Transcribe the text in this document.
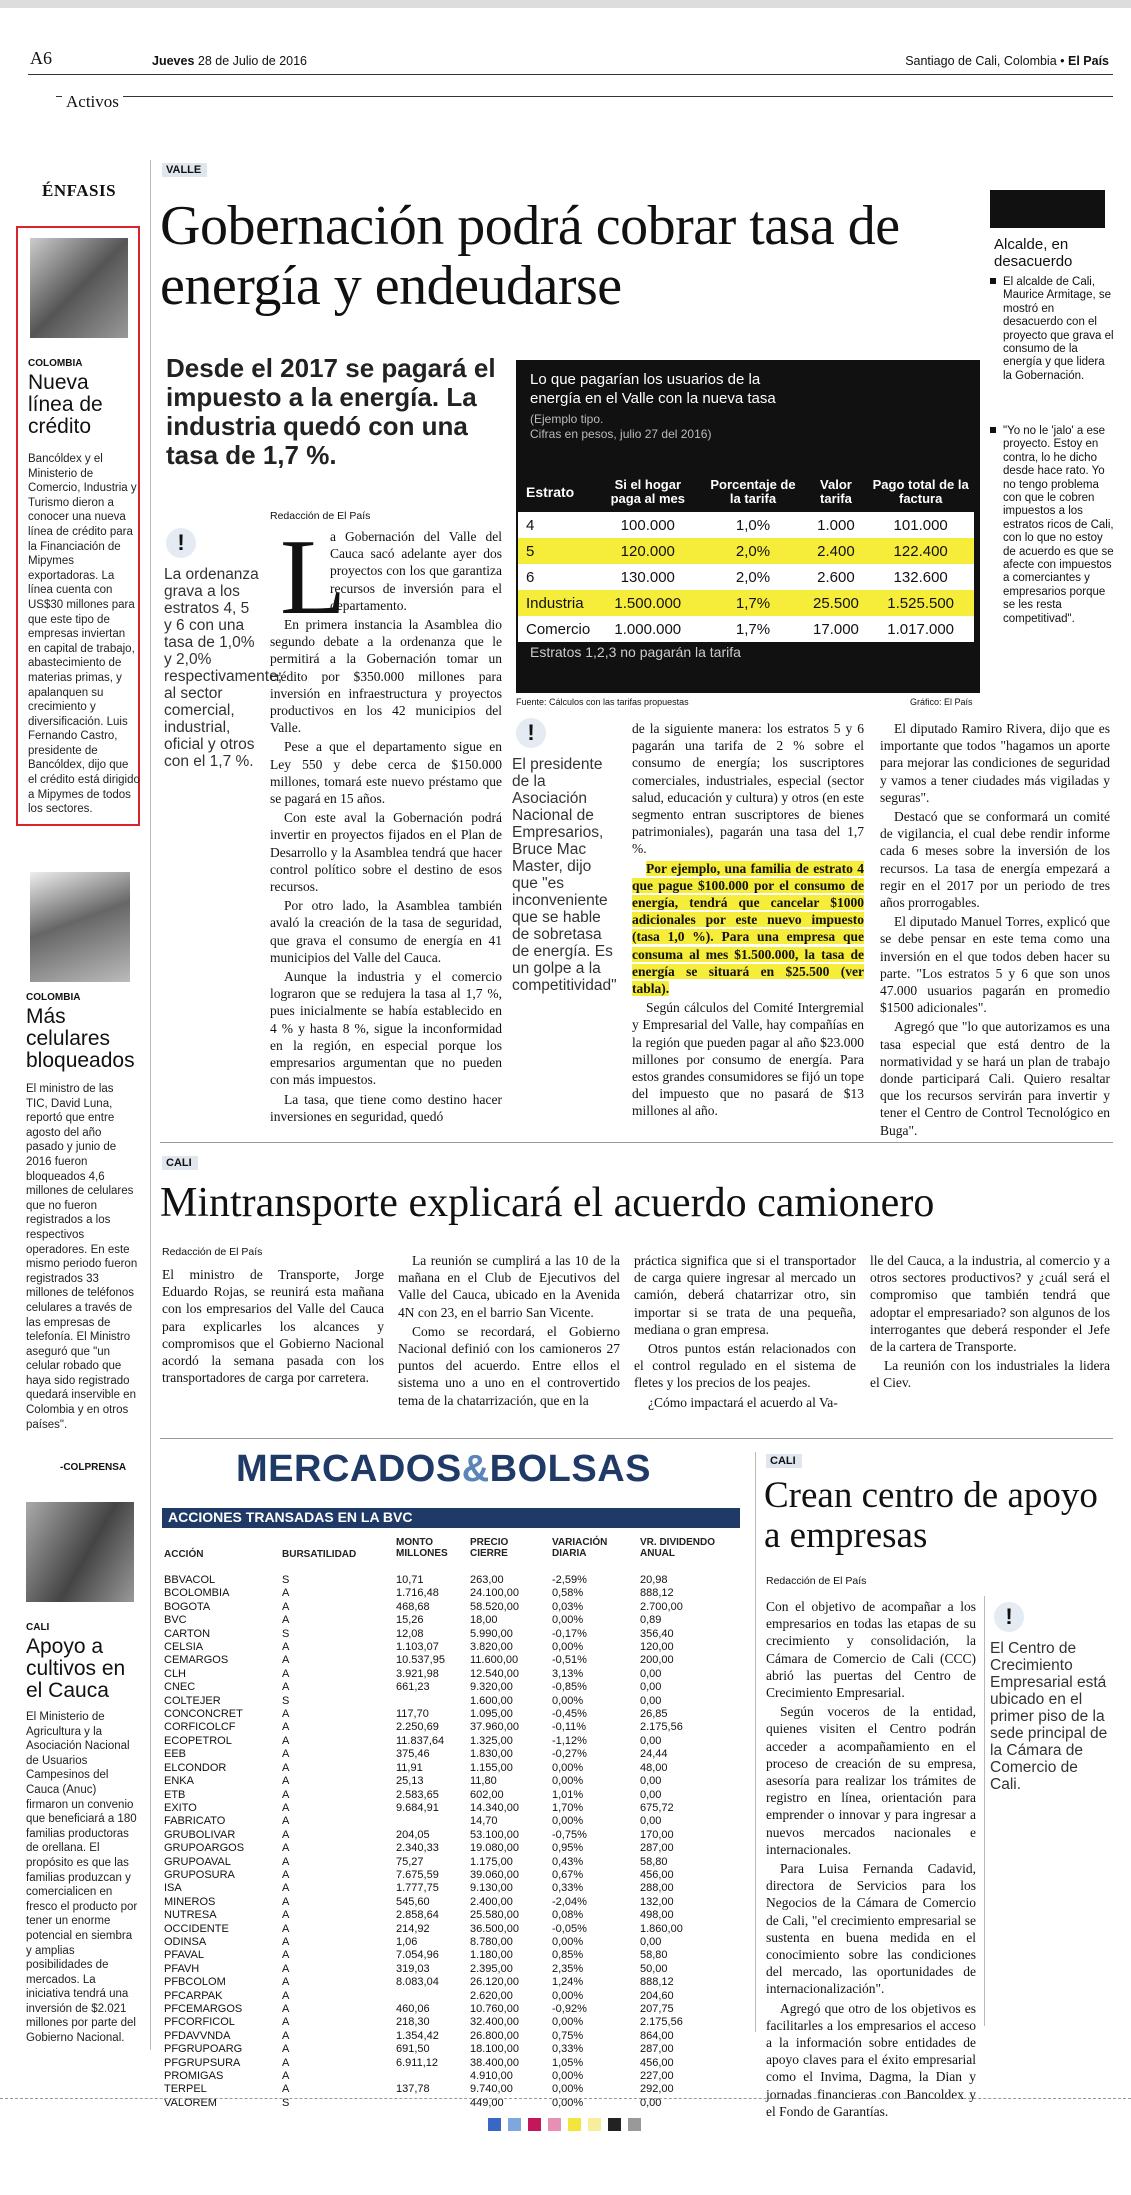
A6	Jueves 28 de Julio de 2016	Santiago de Cali, Colombia • El País
Activos
ÉNFASIS
COLOMBIA
Nueva línea de crédito
Bancóldex y el Ministerio de Comercio, Industria y Turismo dieron a conocer una nueva línea de crédito para la Financiación de Mipymes exportadoras. La línea cuenta con US$30 millones para que este tipo de empresas inviertan en capital de trabajo, abastecimiento de materias primas, y apalanquen su crecimiento y diversificación. Luis Fernando Castro, presidente de Bancóldex, dijo que el crédito está dirigido a Mipymes de todos los sectores.
COLOMBIA
Más celulares bloqueados
El ministro de las TIC, David Luna, reportó que entre agosto del año pasado y junio de 2016 fueron bloqueados 4,6 millones de celulares que no fueron registrados a los respectivos operadores. En este mismo periodo fueron registrados 33 millones de teléfonos celulares a través de las empresas de telefonía. El Ministro aseguró que "un celular robado que haya sido registrado quedará inservible en Colombia y en otros países".
-COLPRENSA
CALI
Apoyo a cultivos en el Cauca
El Ministerio de Agricultura y la Asociación Nacional de Usuarios Campesinos del Cauca (Anuc) firmaron un convenio que beneficiará a 180 familias productoras de orellana. El propósito es que las familias produzcan y comercialicen en fresco el producto por tener un enorme potencial en siembra y amplias posibilidades de mercados. La iniciativa tendrá una inversión de $2.021 millones por parte del Gobierno Nacional.
VALLE
Gobernación podrá cobrar tasa de energía y endeudarse
Desde el 2017 se pagará el impuesto a la energía. La industria quedó con una tasa de 1,7 %.
Lo que pagarían los usuarios de la energía en el Valle con la nueva tasa
(Ejemplo tipo.
Cifras en pesos, julio 27 del 2016)
Estrato	Si el hogar paga al mes	Porcentaje de la tarifa	Valor tarifa	Pago total de la factura
4	100.000	1,0%	1.000	101.000
5	120.000	2,0%	2.400	122.400
6	130.000	2,0%	2.600	132.600
Industria	1.500.000	1,7%	25.500	1.525.500
Comercio	1.000.000	1,7%	17.000	1.017.000
Estratos 1,2,3 no pagarán la tarifa
Fuente: Cálculos con las tarifas propuestas	Gráfico: El País
Alcalde, en desacuerdo
El alcalde de Cali, Maurice Armitage, se mostró en desacuerdo con el proyecto que grava el consumo de la energía y que lidera la Gobernación.
"Yo no le 'jalo' a ese proyecto. Estoy en contra, lo he dicho desde hace rato. Yo no tengo problema con que le cobren impuestos a los estratos ricos de Cali, con lo que no estoy de acuerdo es que se afecte con impuestos a comerciantes y empresarios porque se les resta competitivad".
!
La ordenanza grava a los estratos 4, 5 y 6 con una tasa de 1,0% y 2,0% respectivamente; al sector comercial, industrial, oficial y otros con el 1,7 %.
Redacción de El País
L

a Gobernación del Valle del Cauca sacó adelante ayer dos proyectos con los que garantiza recursos de inversión para el departamento.

En primera instancia la Asamblea dio segundo debate a la ordenanza que le permitirá a la Gobernación tomar un crédito por $350.000 millones para inversión en infraestructura y proyectos productivos en los 42 municipios del Valle.

Pese a que el departamento sigue en Ley 550 y debe cerca de $150.000 millones, tomará este nuevo préstamo que se pagará en 15 años.

Con este aval la Gobernación podrá invertir en proyectos fijados en el Plan de Desarrollo y la Asamblea tendrá que hacer control político sobre el destino de esos recursos.

Por otro lado, la Asamblea también avaló la creación de la tasa de seguridad, que grava el consumo de energía en 41 municipios del Valle del Cauca.

Aunque la industria y el comercio lograron que se redujera la tasa al 1,7 %, pues inicialmente se había establecido en 4 % y hasta 8 %, sigue la inconformidad en la región, en especial porque los empresarios argumentan que no pueden con más impuestos.

La tasa, que tiene como destino hacer inversiones en seguridad, quedó

!
El presidente de la Asociación Nacional de Empresarios, Bruce Mac Master, dijo que "es inconveniente que se hable de sobretasa de energía. Es un golpe a la competitividad"

de la siguiente manera: los estratos 5 y 6 pagarán una tarifa de 2 % sobre el consumo de energía; los suscriptores comerciales, industriales, especial (sector salud, educación y cultura) y otros (en este segmento entran suscriptores de bienes patrimoniales), pagarán una tasa del 1,7 %.

Por ejemplo, una familia de estrato 4 que pague $100.000 por el consumo de energía, tendrá que cancelar $1000 adicionales por este nuevo impuesto (tasa 1,0 %). Para una empresa que consuma al mes $1.500.000, la tasa de energía se situará en $25.500 (ver tabla).

Según cálculos del Comité Intergremial y Empresarial del Valle, hay compañías en la región que pueden pagar al año $23.000 millones por consumo de energía. Para estos grandes consumidores se fijó un tope del impuesto que no pasará de $13 millones al año.

El diputado Ramiro Rivera, dijo que es importante que todos "hagamos un aporte para mejorar las condiciones de seguridad y vamos a tener ciudades más vigiladas y seguras".

Destacó que se conformará un comité de vigilancia, el cual debe rendir informe cada 6 meses sobre la inversión de los recursos. La tasa de energía empezará a regir en el 2017 por un periodo de tres años prorrogables.

El diputado Manuel Torres, explicó que se debe pensar en este tema como una inversión en el que todos deben hacer su parte. "Los estratos 5 y 6 que son unos 47.000 usuarios pagarán en promedio $1500 adicionales".

Agregó que "lo que autorizamos es una tasa especial que está dentro de la normatividad y se hará un plan de trabajo donde participará Cali. Quiero resaltar que los recursos servirán para invertir y tener el Centro de Control Tecnológico en Buga".

CALI
Mintransporte explicará el acuerdo camionero
Redacción de El País

El ministro de Transporte, Jorge Eduardo Rojas, se reunirá esta mañana con los empresarios del Valle del Cauca para explicarles los alcances y compromisos que el Gobierno Nacional acordó la semana pasada con los transportadores de carga por carretera.

La reunión se cumplirá a las 10 de la mañana en el Club de Ejecutivos del Valle del Cauca, ubicado en la Avenida 4N con 23, en el barrio San Vicente.

Como se recordará, el Gobierno Nacional definió con los camioneros 27 puntos del acuerdo. Entre ellos el sistema uno a uno en el controvertido tema de la chatarrización, que en la

práctica significa que si el transportador de carga quiere ingresar al mercado un camión, deberá chatarrizar otro, sin importar si se trata de una pequeña, mediana o gran empresa.

Otros puntos están relacionados con el control regulado en el sistema de fletes y los precios de los peajes.

¿Cómo impactará el acuerdo al Va-

lle del Cauca, a la industria, al comercio y a otros sectores productivos? y ¿cuál será el compromiso que también tendrá que adoptar el empresariado? son algunos de los interrogantes que deberá responder el Jefe de la cartera de Transporte.

La reunión con los industriales la lidera el Ciev.

MERCADOS&BOLSAS
ACCIONES TRANSADAS EN LA BVC
ACCIÓN	BURSATILIDAD
MONTO MILLONES
PRECIO CIERRE
VARIACIÓN DIARIA
VR. DIVIDENDO ANUAL
BBVACOL	S	10,71	263,00	-2,59%	20,98
BCOLOMBIA	A	1.716,48	24.100,00	0,58%	888,12
BOGOTA	A	468,68	58.520,00	0,03%	2.700,00
BVC	A	15,26	18,00	0,00%	0,89
CARTON	S	12,08	5.990,00	-0,17%	356,40
CELSIA	A	1.103,07	3.820,00	0,00%	120,00
CEMARGOS	A	10.537,95	11.600,00	-0,51%	200,00
CLH	A	3.921,98	12.540,00	3,13%	0,00
CNEC	A	661,23	9.320,00	-0,85%	0,00
COLTEJER	S		1.600,00	0,00%	0,00
CONCONCRET	A	117,70	1.095,00	-0,45%	26,85
CORFICOLCF	A	2.250,69	37.960,00	-0,11%	2.175,56
ECOPETROL	A	11.837,64	1.325,00	-1,12%	0,00
EEB	A	375,46	1.830,00	-0,27%	24,44
ELCONDOR	A	11,91	1.155,00	0,00%	48,00
ENKA	A	25,13	11,80	0,00%	0,00
ETB	A	2.583,65	602,00	1,01%	0,00
EXITO	A	9.684,91	14.340,00	1,70%	675,72
FABRICATO	A		14,70	0,00%	0,00
GRUBOLIVAR	A	204,05	53.100,00	-0,75%	170,00
GRUPOARGOS	A	2.340,33	19.080,00	0,95%	287,00
GRUPOAVAL	A	75,27	1.175,00	0,43%	58,80
GRUPOSURA	A	7.675,59	39.060,00	0,67%	456,00
ISA	A	1.777,75	9.130,00	0,33%	288,00
MINEROS	A	545,60	2.400,00	-2,04%	132,00
NUTRESA	A	2.858,64	25.580,00	0,08%	498,00
OCCIDENTE	A	214,92	36.500,00	-0,05%	1.860,00
ODINSA	A	1,06	8.780,00	0,00%	0,00
PFAVAL	A	7.054,96	1.180,00	0,85%	58,80
PFAVH	A	319,03	2.395,00	2,35%	50,00
PFBCOLOM	A	8.083,04	26.120,00	1,24%	888,12
PFCARPAK	A		2.620,00	0,00%	204,60
PFCEMARGOS	A	460,06	10.760,00	-0,92%	207,75
PFCORFICOL	A	218,30	32.400,00	0,00%	2.175,56
PFDAVVNDA	A	1.354,42	26.800,00	0,75%	864,00
PFGRUPOARG	A	691,50	18.100,00	0,33%	287,00
PFGRUPSURA	A	6.911,12	38.400,00	1,05%	456,00
PROMIGAS	A		4.910,00	0,00%	227,00
TERPEL	A	137,78	9.740,00	0,00%	292,00
VALOREM	S		449,00	0,00%	0,00
CALI
Crean centro de apoyo a empresas
Redacción de El País

Con el objetivo de acompañar a los empresarios en todas las etapas de su crecimiento y consolidación, la Cámara de Comercio de Cali (CCC) abrió las puertas del Centro de Crecimiento Empresarial.

Según voceros de la entidad, quienes visiten el Centro podrán acceder a acompañamiento en el proceso de creación de su empresa, asesoría para realizar los trámites de registro en línea, orientación para emprender o innovar y para ingresar a nuevos mercados nacionales e internacionales.

Para Luisa Fernanda Cadavid, directora de Servicios para los Negocios de la Cámara de Comercio de Cali, "el crecimiento empresarial se sustenta en buena medida en el conocimiento sobre las condiciones del mercado, las oportunidades de internacionalización".

Agregó que otro de los objetivos es facilitarles a los empresarios el acceso a la información sobre entidades de apoyo claves para el éxito empresarial como el Invima, Dagma, la Dian y jornadas financieras con Bancoldex y el Fondo de Garantías.

!
El Centro de Crecimiento Empresarial está ubicado en el primer piso de la sede principal de la Cámara de Comercio de Cali.
